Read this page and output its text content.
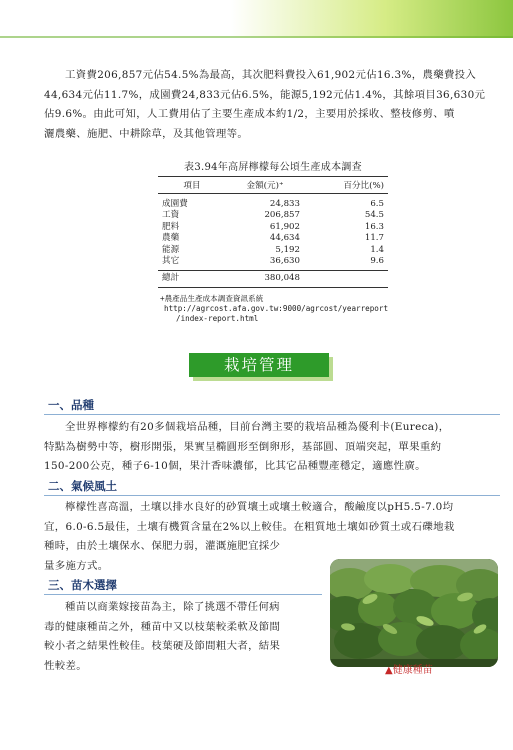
工資費206,857元佔54.5%為最高，其次肥料費投入61,902元佔16.3%，農藥費投入
44,634元佔11.7%，成園費24,833元佔6.5%，能源5,192元佔1.4%，其餘項目36,630元
佔9.6%。由此可知，人工費用佔了主要生產成本約1/2，主要用於採收、整枝修剪、噴
灑農藥、施肥、中耕除草，及其他管理等。
表3.94年高屏檸檬每公頃生產成本調查
項目	金額(元)⁺	百分比(%)
成園費	24,833	6.5
工資	206,857	54.5
肥料	61,902	16.3
農藥	44,634	11.7
能源	5,192	1.4
其它	36,630	9.6
總計	380,048	
+農產品生產成本調查資訊系統
http://agrcost.afa.gov.tw:9000/agrcost/yearreport
/index-report.html
栽培管理
一、品種
全世界檸檬約有20多個栽培品種，目前台灣主要的栽培品種為優利卡(Eureca)，
特點為樹勢中等，樹形開張，果實呈橢圓形至倒卵形，基部圓、頂端突起，單果重約
150-200公克，種子6-10個，果汁香味濃郁，比其它品種豐產穩定，適應性廣。
二、氣候風土
檸檬性喜高溫，土壤以排水良好的砂質壤土或壤土較適合，酸鹼度以pH5.5-7.0均
宜，6.0-6.5最佳，土壤有機質含量在2%以上較佳。在粗質地土壤如砂質土或石礫地栽
種時，由於土壤保水、保肥力弱，灌溉施肥宜採少
量多施方式。
三、苗木選擇
種苗以商業嫁接苗為主，除了挑選不帶任何病
毒的健康種苗之外，種苗中又以枝葉較柔軟及節間
較小者之結果性較佳。枝葉硬及節間粗大者，結果
性較差。	▲健康種苗
